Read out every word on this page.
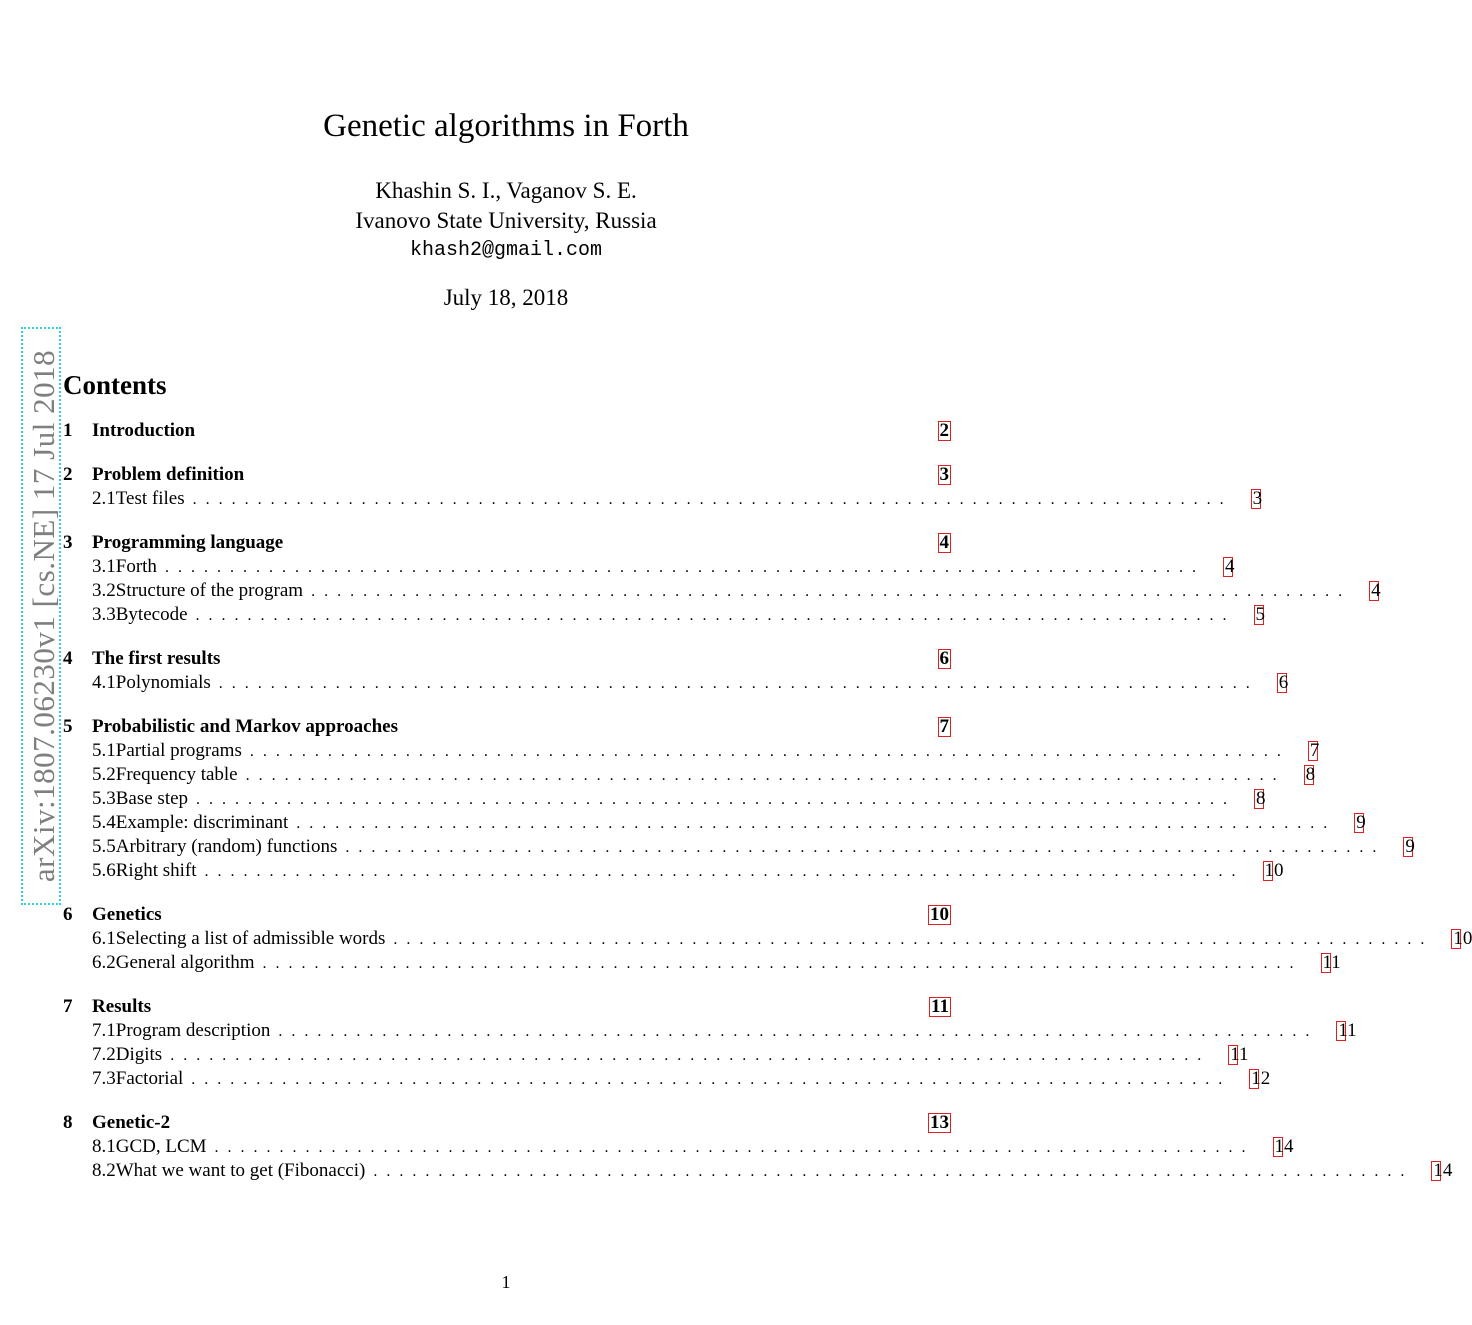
Genetic algorithms in Forth
Khashin S. I., Vaganov S. E.
Ivanovo State University, Russia
khash2@gmail.com
July 18, 2018
arXiv:1807.06230v1 [cs.NE] 17 Jul 2018 Contents
1	Introduction	2
2	Problem definition	3
2.1 Test files ................................................................................ 3
3	Programming language	4
3.1 Forth ................................................................................ 4
3.2 Structure of the program ................................................................................ 4
3.3 Bytecode ................................................................................ 5
4	The first results	6
4.1 Polynomials ................................................................................ 6
5	Probabilistic and Markov approaches	7
5.1 Partial programs ................................................................................ 7
5.2 Frequency table ................................................................................ 8
5.3 Base step ................................................................................ 8
5.4 Example: discriminant ................................................................................ 9
5.5 Arbitrary (random) functions ................................................................................ 9
5.6 Right shift ................................................................................ 10
6	Genetics	10
6.1 Selecting a list of admissible words ................................................................................ 10
6.2 General algorithm ................................................................................ 11
7	Results	11
7.1 Program description ................................................................................ 11
7.2 Digits ................................................................................ 11
7.3 Factorial ................................................................................ 12
8	Genetic-2	13
8.1 GCD, LCM ................................................................................ 14
8.2 What we want to get (Fibonacci) ................................................................................ 14
1
